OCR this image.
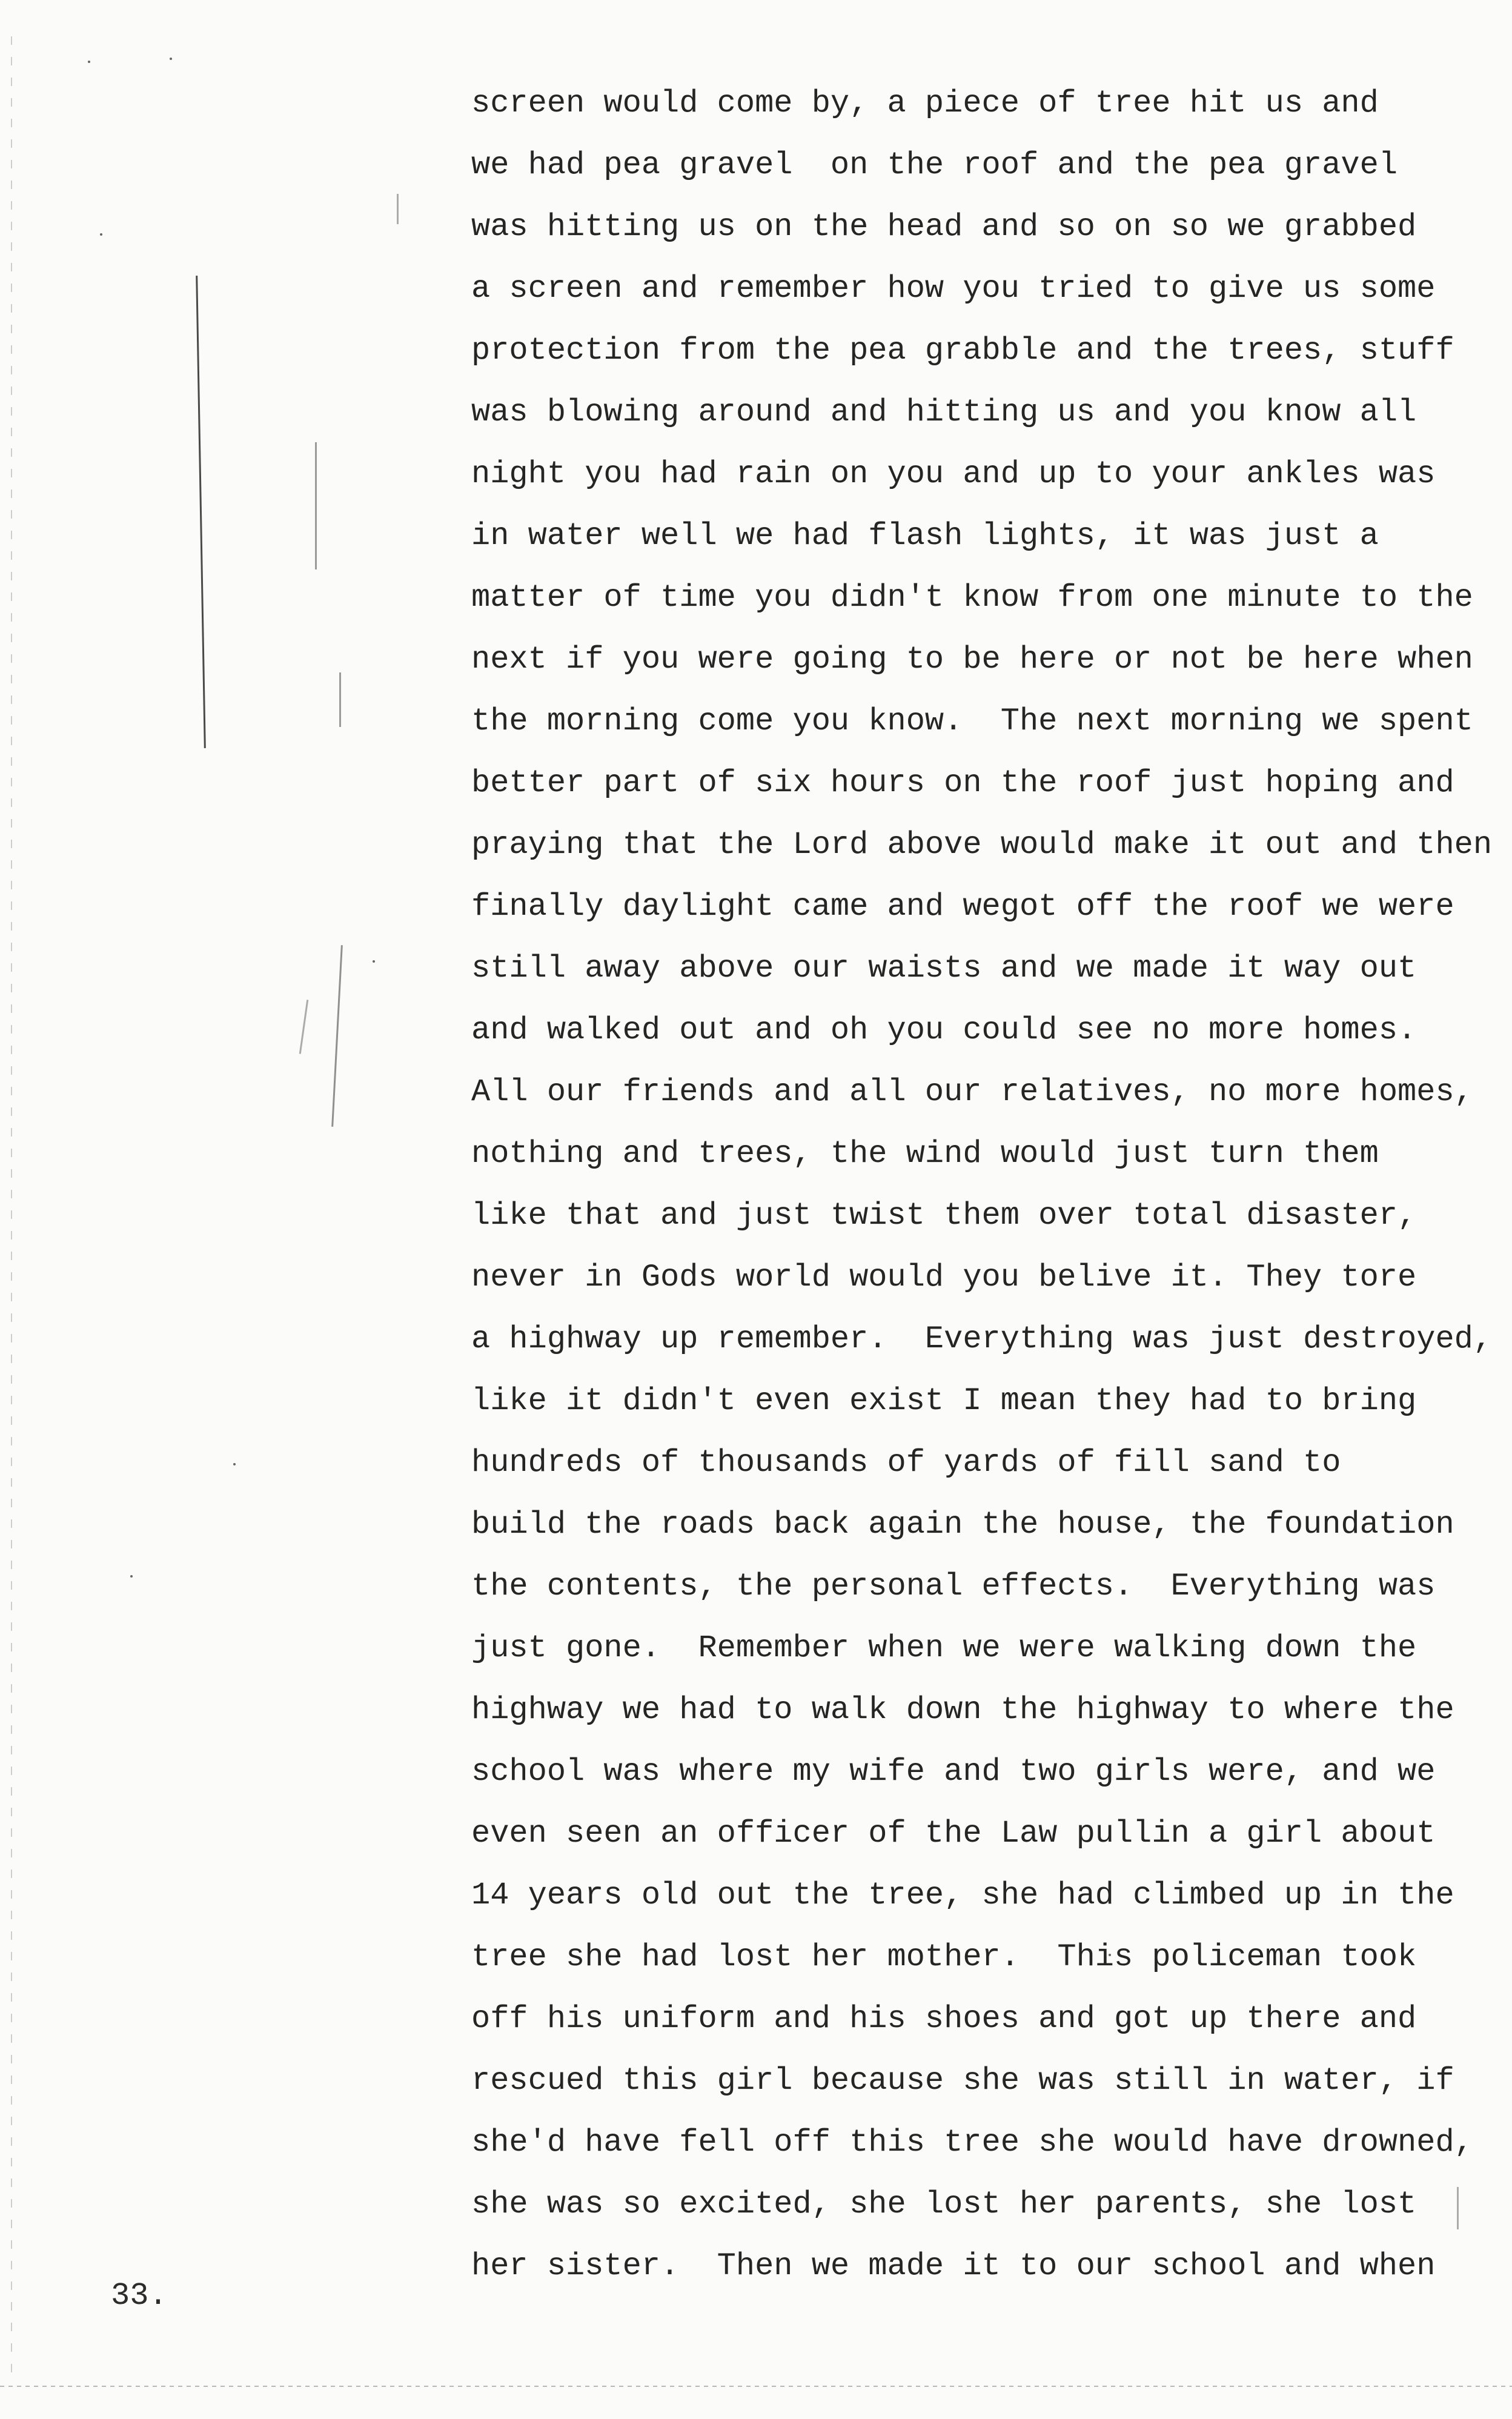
screen would come by, a piece of tree hit us and
we had pea gravel  on the roof and the pea gravel
was hitting us on the head and so on so we grabbed
a screen and remember how you tried to give us some
protection from the pea grabble and the trees, stuff
was blowing around and hitting us and you know all
night you had rain on you and up to your ankles was
in water well we had flash lights, it was just a
matter of time you didn't know from one minute to the
next if you were going to be here or not be here when
the morning come you know.  The next morning we spent
better part of six hours on the roof just hoping and
praying that the Lord above would make it out and then
finally daylight came and wegot off the roof we were
still away above our waists and we made it way out
and walked out and oh you could see no more homes.
All our friends and all our relatives, no more homes,
nothing and trees, the wind would just turn them
like that and just twist them over total disaster,
never in Gods world would you belive it. They tore
a highway up remember.  Everything was just destroyed,
like it didn't even exist I mean they had to bring
hundreds of thousands of yards of fill sand to
build the roads back again the house, the foundation
the contents, the personal effects.  Everything was
just gone.  Remember when we were walking down the
highway we had to walk down the highway to where the
school was where my wife and two girls were, and we
even seen an officer of the Law pullin a girl about
14 years old out the tree, she had climbed up in the
tree she had lost her mother.  This policeman took
off his uniform and his shoes and got up there and
rescued this girl because she was still in water, if
she'd have fell off this tree she would have drowned,
she was so excited, she lost her parents, she lost
her sister.  Then we made it to our school and when
33.
